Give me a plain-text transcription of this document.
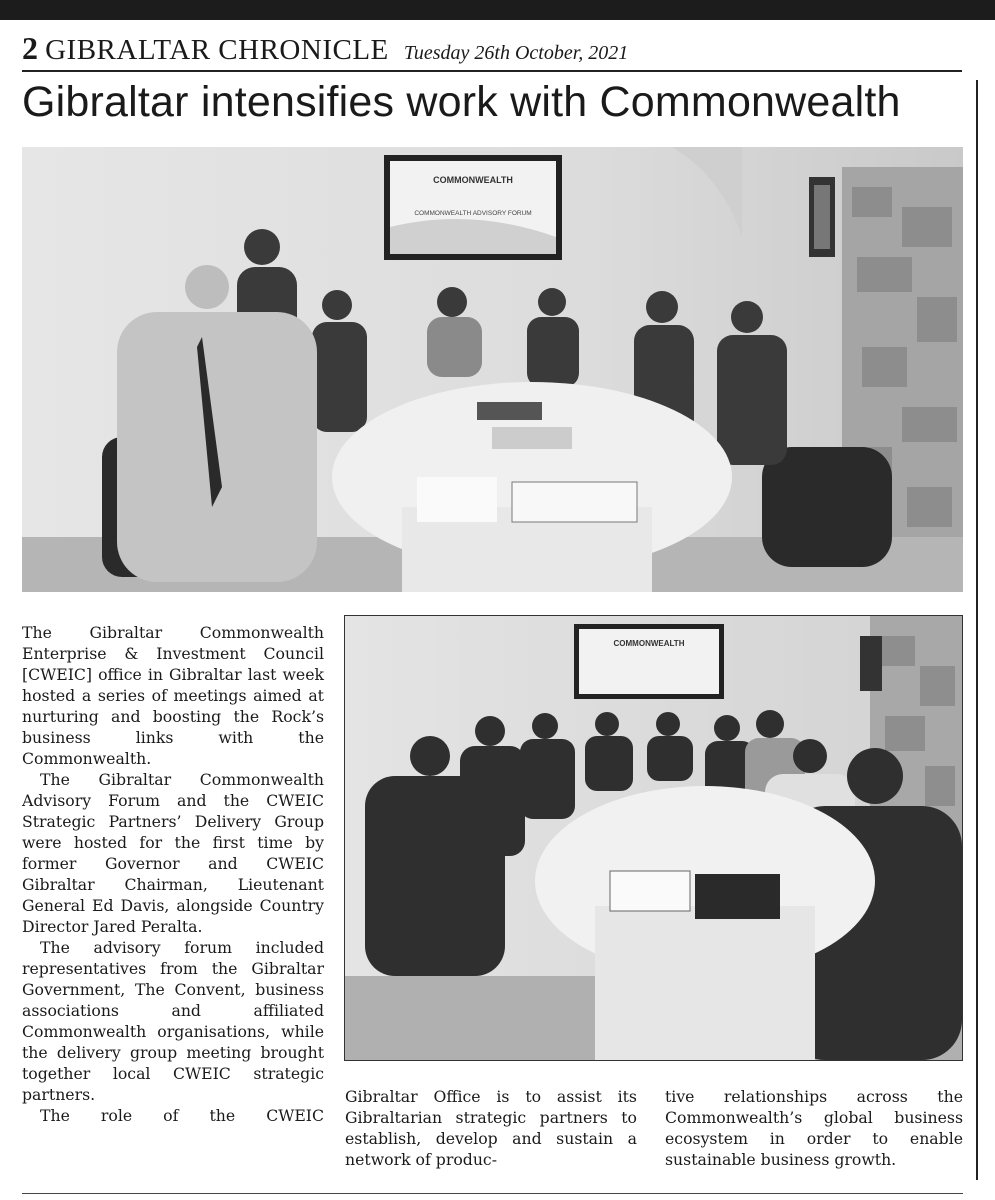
2 GIBRALTAR CHRONICLE Tuesday 26th October, 2021
Gibraltar intensifies work with Commonwealth
COMMONWEALTH
COMMONWEALTH ADVISORY FORUM
COMMONWEALTH

The Gibraltar Commonwealth Enterprise & Investment Council [CWEIC] office in Gibraltar last week hosted a series of meetings aimed at nurturing and boosting the Rock’s business links with the Commonwealth.

The Gibraltar Commonwealth Advisory Forum and the CWEIC Strategic Partners’ Delivery Group were hosted for the first time by former Governor and CWEIC Gibraltar Chairman, Lieutenant General Ed Davis, alongside Country Director Jared Peralta.

The advisory forum included representatives from the Gibraltar Government, The Convent, business associations and affiliated Commonwealth organisations, while the delivery group meeting brought together local CWEIC strategic partners.

The role of the CWEIC

Gibraltar Office is to assist its Gibraltarian strategic partners to establish, develop and sustain a network of produc-

tive relationships across the Commonwealth’s global business ecosystem in order to enable sustainable business growth.
